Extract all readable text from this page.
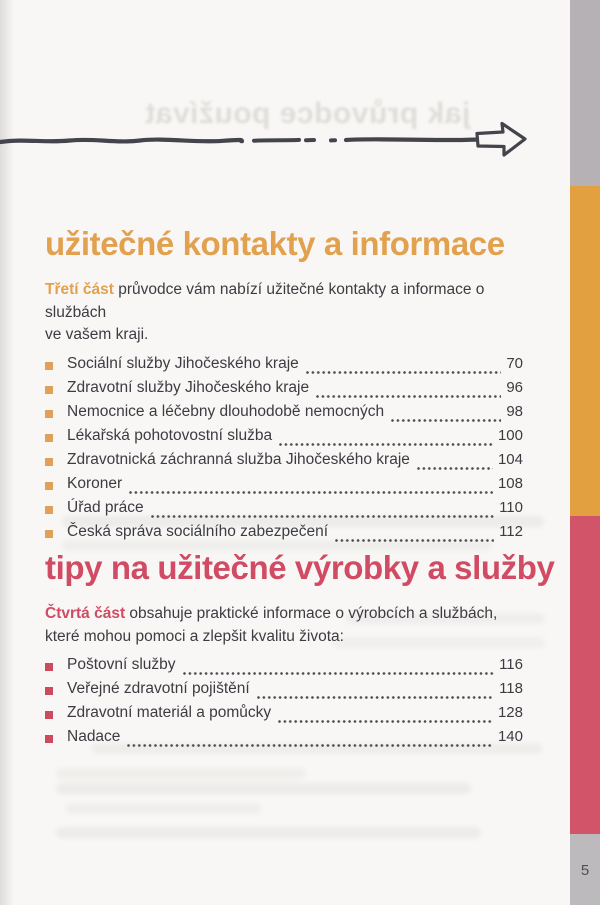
jak průvodce používat
užitečné kontakty a informace
Třetí část průvodce vám nabízí užitečné kontakty a informace o službách
ve vašem kraji.
Sociální služby Jihočeského kraje	70
Zdravotní služby Jihočeského kraje	96
Nemocnice a léčebny dlouhodobě nemocných	98
Lékařská pohotovostní služba	100
Zdravotnická záchranná služba Jihočeského kraje	104
Koroner	108
Úřad práce	110
Česká správa sociálního zabezpečení	112
tipy na užitečné výrobky a služby
Čtvrtá část obsahuje praktické informace o výrobcích a službách,
které mohou pomoci a zlepšit kvalitu života:
Poštovní služby	116
Veřejné zdravotní pojištění	118
Zdravotní materiál a pomůcky	128
Nadace	140
5
